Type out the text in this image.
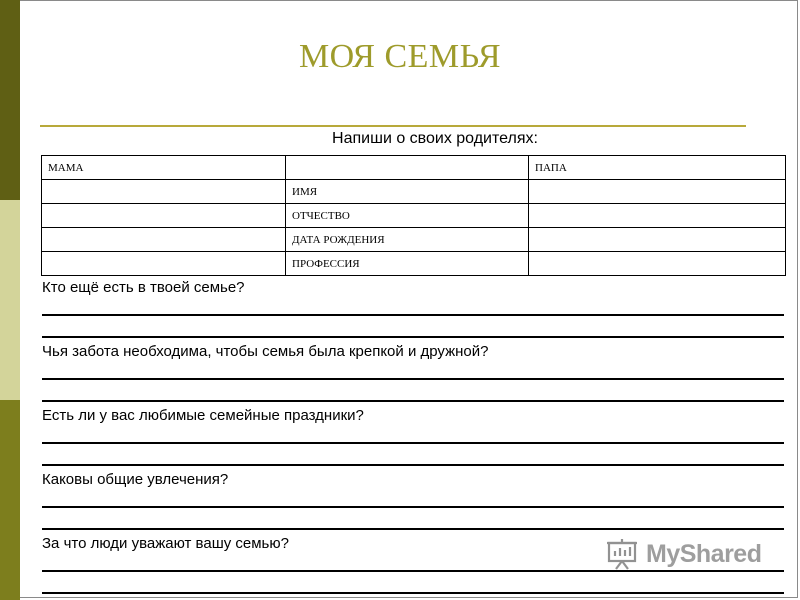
МОЯ СЕМЬЯ
Напиши о своих родителях:
МАМА		ПАПА
	ИМЯ	
	ОТЧЕСТВО	
	ДАТА РОЖДЕНИЯ	
	ПРОФЕССИЯ	
Кто ещё есть в твоей семье?
Чья забота необходима, чтобы семья была крепкой и дружной?
Есть ли у вас любимые семейные праздники?
Каковы общие увлечения?
За что люди уважают вашу семью?	MyShared
